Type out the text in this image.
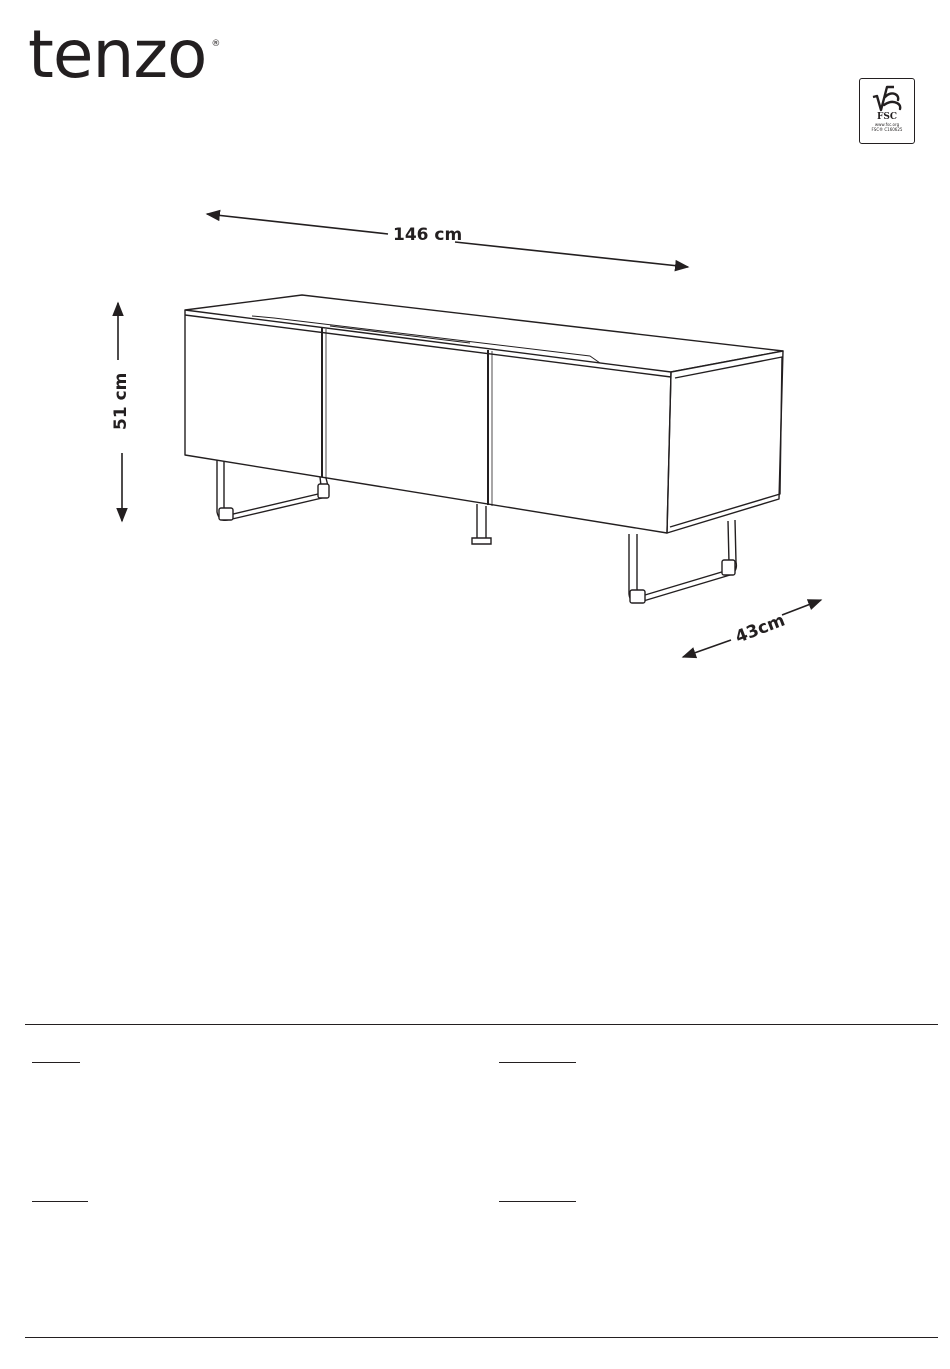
tenzo ®
FSC
www.fsc.org
FSC® C160625
146 cm
51 cm
43cm
